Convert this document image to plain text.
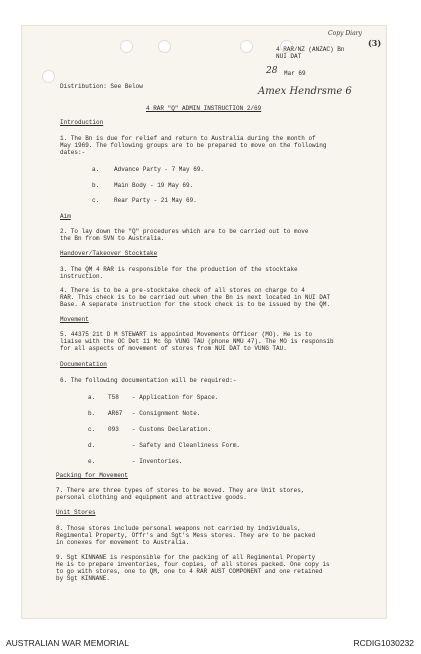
Copy Diary
(3)
Amex Hendrsme 6
4 RAR/NZ (ANZAC) Bn
NUI DAT
28 Mar 69
Distribution: See Below
4 RAR "Q" ADMIN INSTRUCTION 2/69
Introduction
1. The Bn is due for relief and return to Australia during the month of
May 1969. The following groups are to be prepared to move on the following
dates:-
a. Advance Party - 7 May 69.
b. Main Body - 19 May 69.
c. Rear Party - 21 May 69.
Aim
2. To lay down the "Q" procedures which are to be carried out to move
the Bn from SVN to Australia.
Handover/Takeover Stocktake
3. The QM 4 RAR is responsible for the production of the stocktake
instruction.
4. There is to be a pre-stocktake check of all stores on charge to 4
RAR. This check is to be carried out when the Bn is next located in NUI DAT
Base. A separate instruction for the stock check is to be issued by the QM.
Movement
5. 44375 21t D M STEWART is appointed Movements Officer (MO). He is to
liaise with the OC Det 11 Mc Gp VUNG TAU (phone NMU 47). The MO is responsib
for all aspects of movement of stores from NUI DAT to VUNG TAU.
Documentation
6. The following documentation will be required:-
a. T58 - Application for Space.
b. AR67 - Consignment Note.
c. 093 - Customs Declaration.
d.	- Safety and Cleanliness Form.
e.	- Inventories.
Packing for Movement
7. There are three types of stores to be moved. They are Unit stores,
personal clothing and equipment and attractive goods.
Unit Stores
8. Those stores include personal weapons not carried by individuals,
Regimental Property, Offr's and Sgt's Mess stores. They are to be packed
in conexes for movement to Australia.
9. Sgt KINNANE is responsible for the packing of all Regimental Property
He is to prepare inventories, four copies, of all stores packed. One copy is
to go with stores, one to QM, one to 4 RAR AUST COMPONENT and one retained
by Sgt KINNANE.
AUSTRALIAN WAR MEMORIAL	RCDIG1030232
